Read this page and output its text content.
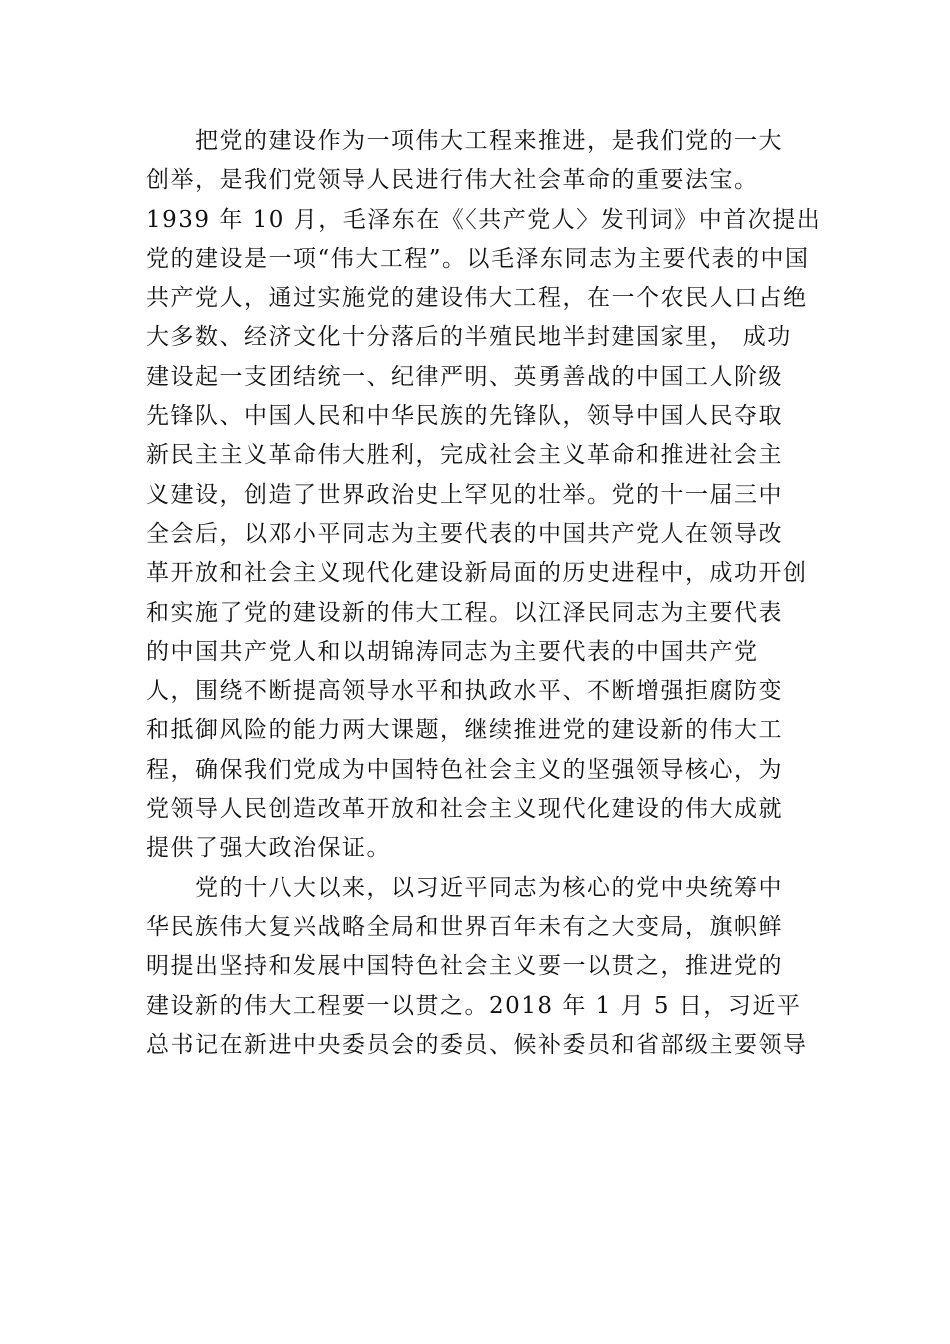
　　把党的建设作为一项伟大工程来推进，是我们党的一大
创举，是我们党领导人民进行伟大社会革命的重要法宝。
1939 年 10 月，毛泽东在《〈共产党人〉发刊词》中首次提出
党的建设是一项“伟大工程”。以毛泽东同志为主要代表的中国
共产党人，通过实施党的建设伟大工程，在一个农民人口占绝
大多数、经济文化十分落后的半殖民地半封建国家里， 成功
建设起一支团结统一、纪律严明、英勇善战的中国工人阶级
先锋队、中国人民和中华民族的先锋队，领导中国人民夺取
新民主主义革命伟大胜利，完成社会主义革命和推进社会主
义建设，创造了世界政治史上罕见的壮举。党的十一届三中
全会后，以邓小平同志为主要代表的中国共产党人在领导改
革开放和社会主义现代化建设新局面的历史进程中，成功开创
和实施了党的建设新的伟大工程。以江泽民同志为主要代表
的中国共产党人和以胡锦涛同志为主要代表的中国共产党
人，围绕不断提高领导水平和执政水平、不断增强拒腐防变
和抵御风险的能力两大课题，继续推进党的建设新的伟大工
程，确保我们党成为中国特色社会主义的坚强领导核心，为
党领导人民创造改革开放和社会主义现代化建设的伟大成就
提供了强大政治保证。
　　党的十八大以来，以习近平同志为核心的党中央统筹中
华民族伟大复兴战略全局和世界百年未有之大变局，旗帜鲜
明提出坚持和发展中国特色社会主义要一以贯之，推进党的
建设新的伟大工程要一以贯之。2018 年 1 月 5 日，习近平
总书记在新进中央委员会的委员、候补委员和省部级主要领导
